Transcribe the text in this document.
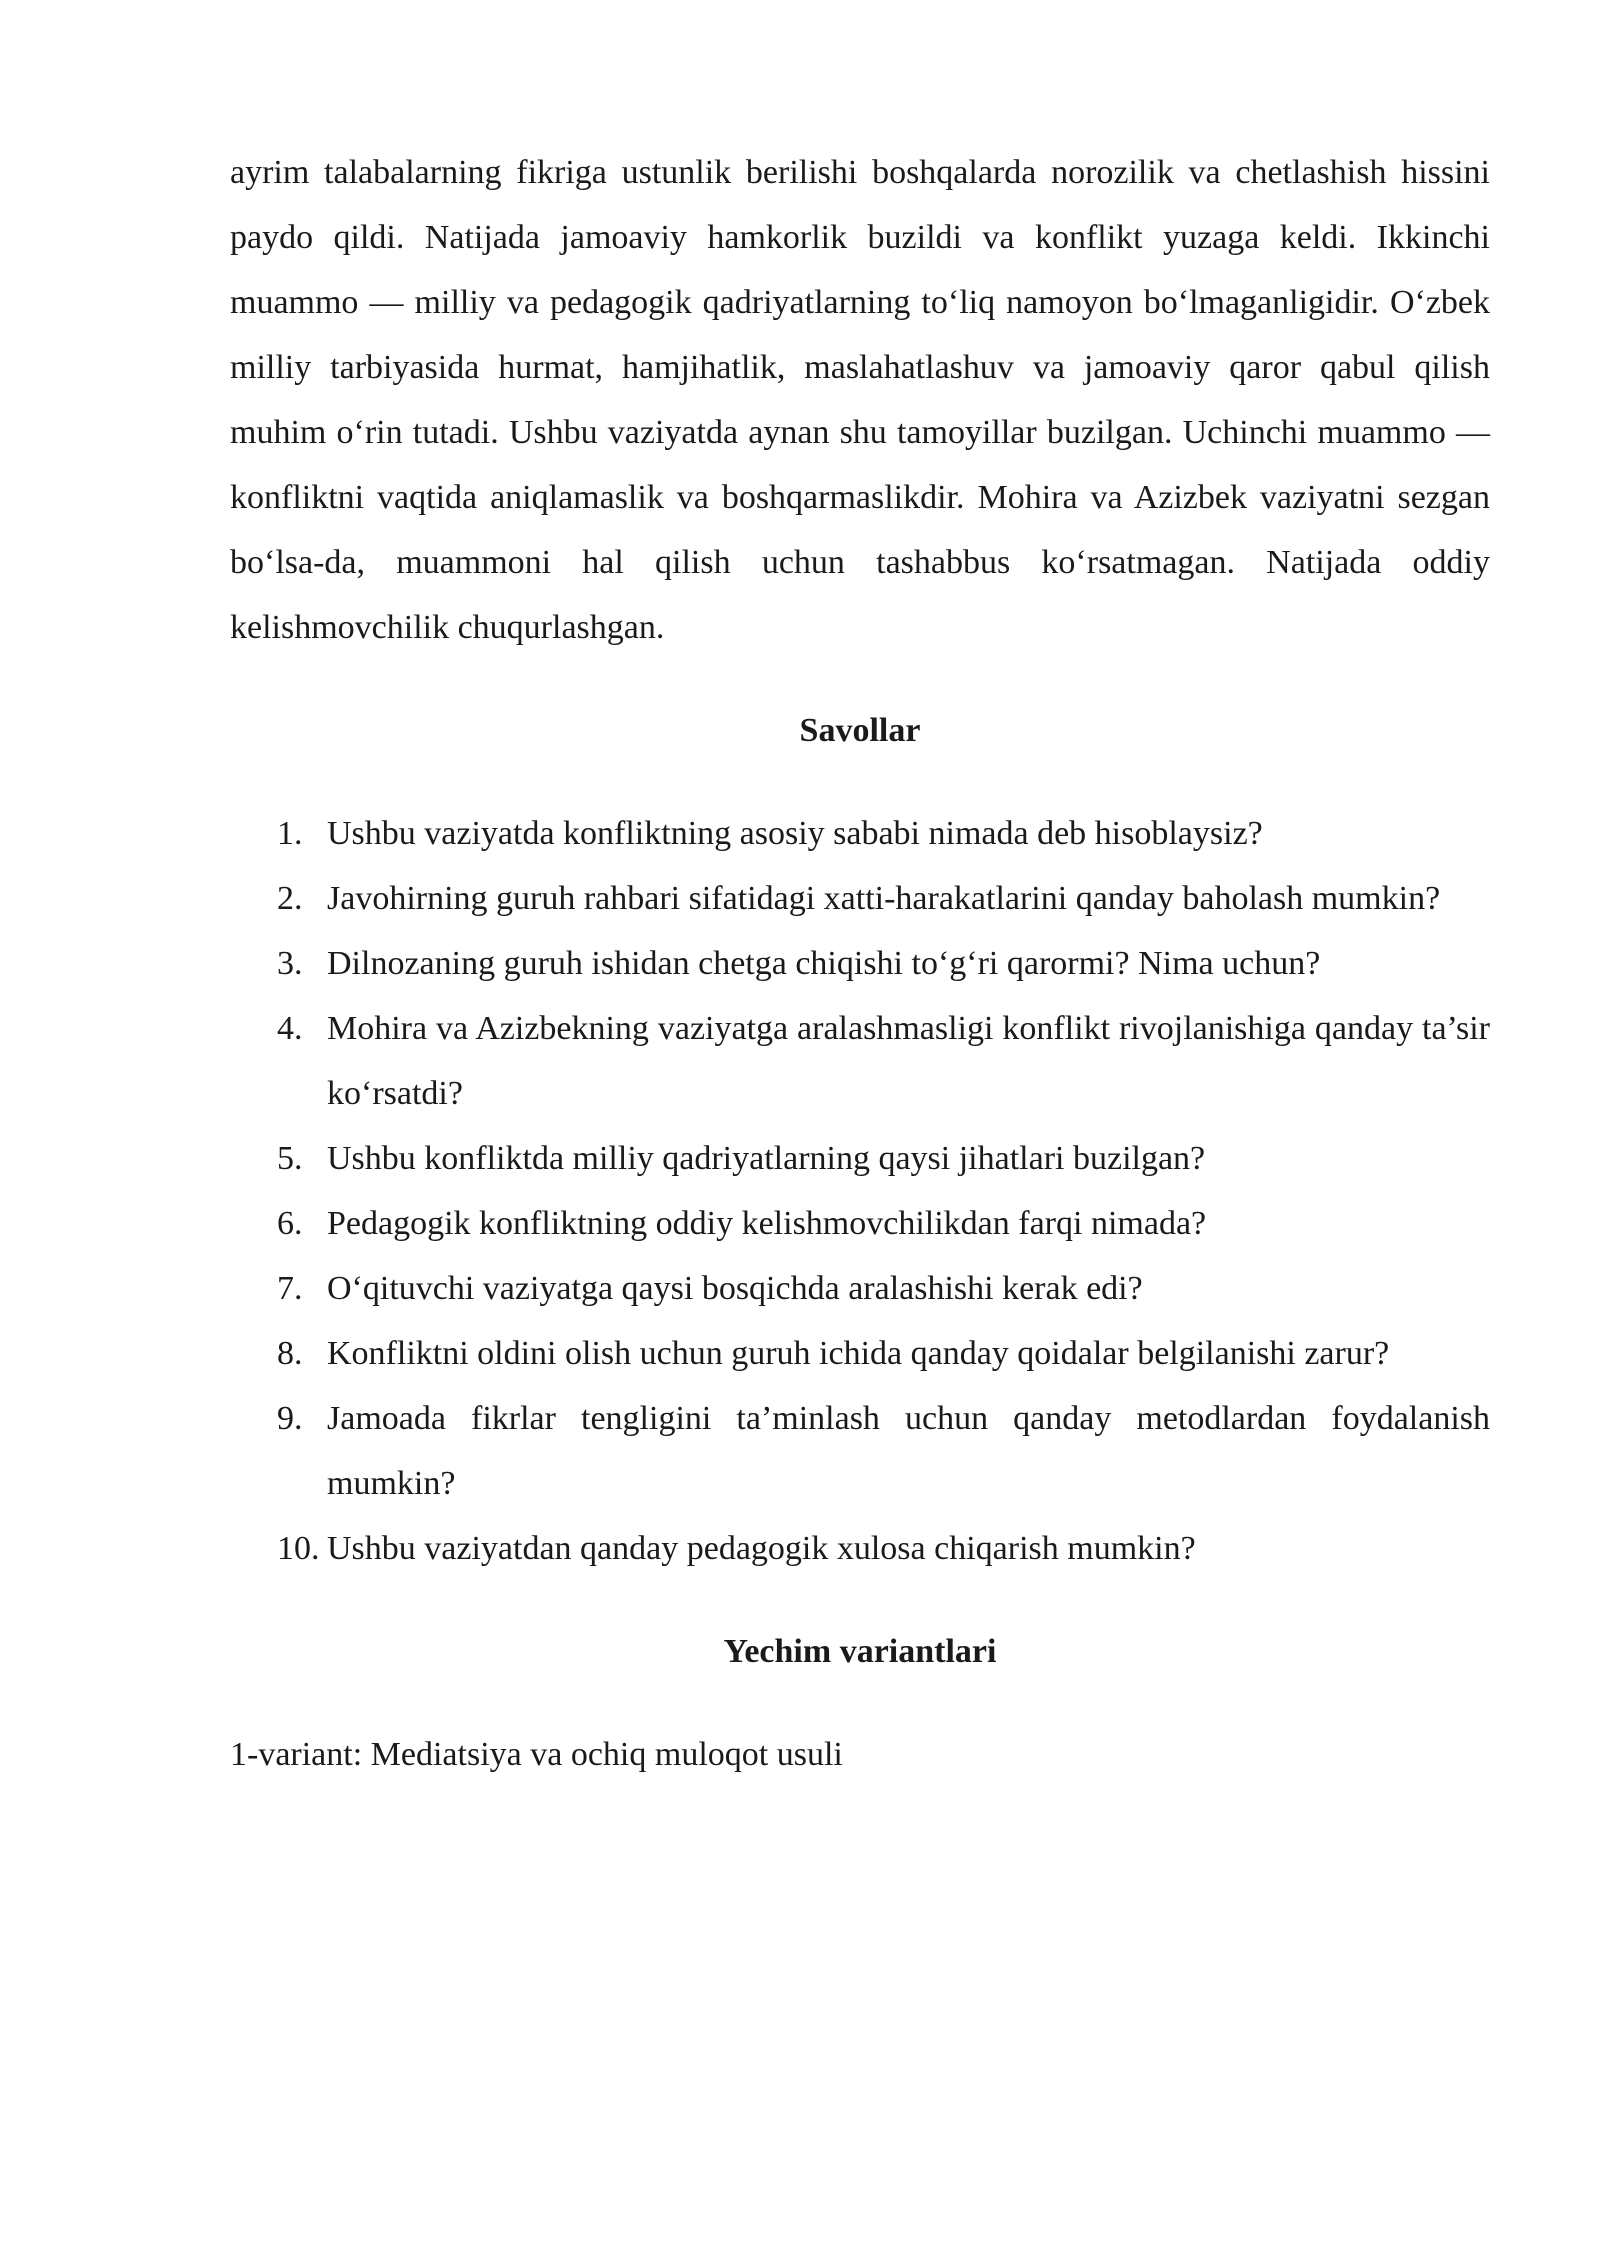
ayrim talabalarning fikriga ustunlik berilishi boshqalarda norozilik va chetlashish hissini paydo qildi. Natijada jamoaviy hamkorlik buzildi va konflikt yuzaga keldi. Ikkinchi muammo — milliy va pedagogik qadriyatlarning to‘liq namoyon bo‘lmaganligidir. O‘zbek milliy tarbiyasida hurmat, hamjihatlik, maslahatlashuv va jamoaviy qaror qabul qilish muhim o‘rin tutadi. Ushbu vaziyatda aynan shu tamoyillar buzilgan. Uchinchi muammo — konfliktni vaqtida aniqlamaslik va boshqarmaslikdir. Mohira va Azizbek vaziyatni sezgan bo‘lsa-da, muammoni hal qilish uchun tashabbus ko‘rsatmagan. Natijada oddiy kelishmovchilik chuqurlashgan.

Savollar
1. Ushbu vaziyatda konfliktning asosiy sababi nimada deb hisoblaysiz?
2. Javohirning guruh rahbari sifatidagi xatti-harakatlarini qanday baholash mumkin?
3. Dilnozaning guruh ishidan chetga chiqishi to‘g‘ri qarormi? Nima uchun?
4. Mohira va Azizbekning vaziyatga aralashmasligi konflikt rivojlanishiga qanday ta’sir ko‘rsatdi?
5. Ushbu konfliktda milliy qadriyatlarning qaysi jihatlari buzilgan?
6. Pedagogik konfliktning oddiy kelishmovchilikdan farqi nimada?
7. O‘qituvchi vaziyatga qaysi bosqichda aralashishi kerak edi?
8. Konfliktni oldini olish uchun guruh ichida qanday qoidalar belgilanishi zarur?
9. Jamoada fikrlar tengligini ta’minlash uchun qanday metodlardan foydalanish mumkin?
10. Ushbu vaziyatdan qanday pedagogik xulosa chiqarish mumkin?
Yechim variantlari

1-variant: Mediatsiya va ochiq muloqot usuli
